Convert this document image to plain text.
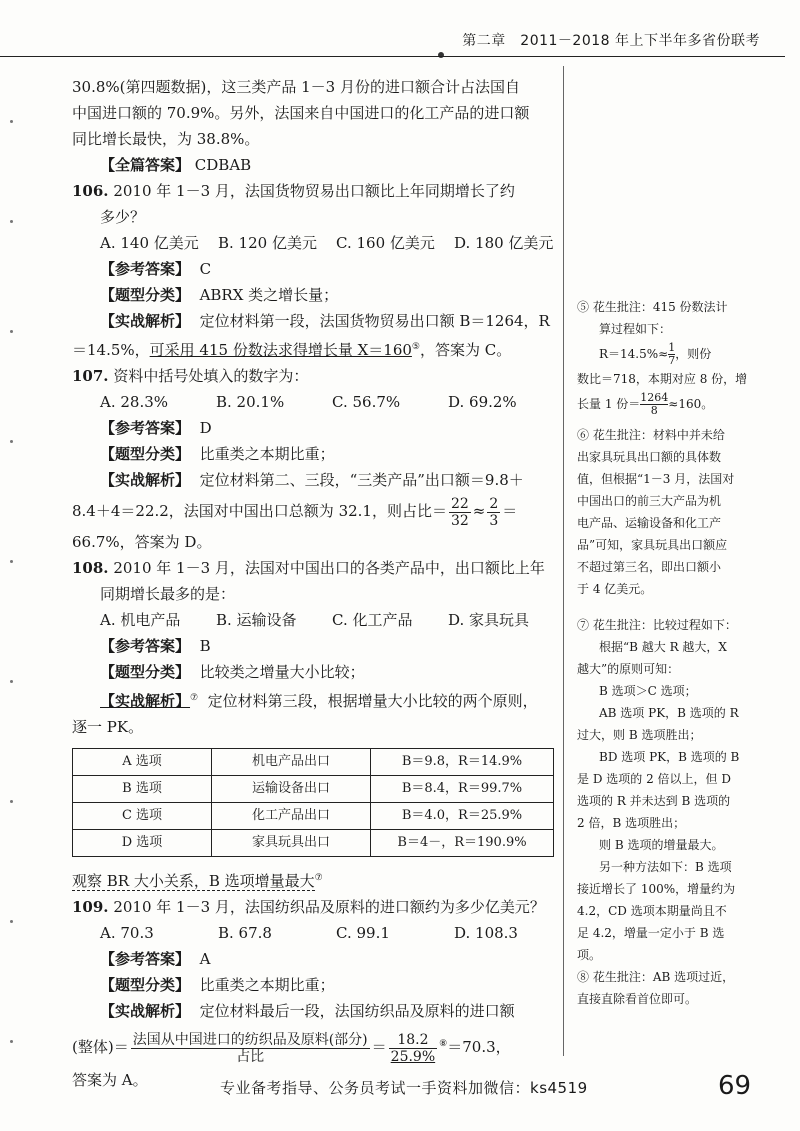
第二章　2011－2018 年上下半年多省份联考

30.8%(第四题数据)，这三类产品 1－3 月份的进口额合计占法国自

中国进口额的 70.9%。另外，法国来自中国进口的化工产品的进口额

同比增长最快，为 38.8%。

【全篇答案】 CDBAB

106. 2010 年 1－3 月，法国货物贸易出口额比上年同期增长了约

多少？

A. 140 亿美元	B. 120 亿美元	C. 160 亿美元	D. 180 亿美元

【参考答案】 C

【题型分类】 ABRX 类之增长量；

【实战解析】 定位材料第一段，法国货物贸易出口额 B＝1264，R

＝14.5%，可采用 415 份数法求得增长量 X＝160⑤，答案为 C。

107. 资料中括号处填入的数字为：

A. 28.3%	B. 20.1%	C. 56.7%	D. 69.2%

【参考答案】 D

【题型分类】 比重类之本期比重；

【实战解析】 定位材料第二、三段，“三类产品”出口额＝9.8＋

8.4＋4＝22.2，法国对中国出口总额为 32.1，则占比＝ $\frac{22}{32} \approx \frac{2}{3}$ ＝

66.7%，答案为 D。

108. 2010 年 1－3 月，法国对中国出口的各类产品中，出口额比上年

同期增长最多的是：

A. 机电产品	B. 运输设备	C. 化工产品	D. 家具玩具

【参考答案】 B

【题型分类】 比较类之增量大小比较；

【实战解析】⑦ 定位材料第三段，根据增量大小比较的两个原则，

逐一 PK。

A 选项	机电产品出口	B＝9.8，R＝14.9%
B 选项	运输设备出口	B＝8.4，R＝99.7%
C 选项	化工产品出口	B＝4.0，R＝25.9%
D 选项	家具玩具出口	B＝4－，R＝190.9%

观察 BR 大小关系，B 选项增量最大⑦

109. 2010 年 1－3 月，法国纺织品及原料的进口额约为多少亿美元？

A. 70.3	B. 67.8	C. 99.1	D. 108.3

【参考答案】 A

【题型分类】 比重类之本期比重；

【实战解析】 定位材料最后一段，法国纺织品及原料的进口额

(整体)＝ $\frac{\text{法国从中国进口的纺织品及原料(部分)}}{\text{占比}} = \frac{18.2}{25.9\%} ^⑧=70.3$，

答案为 A。

⑤ 花生批注：415 份数法计

算过程如下：

$R=14.5\%\approx \frac{1}{7}$，则份

数比＝718，本期对应 8 份，增

长量 1 份＝ $\frac{1264}{8}\approx 160$。

⑥ 花生批注：材料中并未给

出家具玩具出口额的具体数

值，但根据“1－3 月，法国对

中国出口的前三大产品为机

电产品、运输设备和化工产

品”可知，家具玩具出口额应

不超过第三名，即出口额小

于 4 亿美元。

⑦ 花生批注：比较过程如下：

根据“B 越大 R 越大，X

越大”的原则可知：

B 选项＞C 选项；

AB 选项 PK，B 选项的 R

过大，则 B 选项胜出；

BD 选项 PK，B 选项的 B

是 D 选项的 2 倍以上，但 D

选项的 R 并未达到 B 选项的

2 倍，B 选项胜出；

则 B 选项的增量最大。

另一种方法如下：B 选项

接近增长了 100%，增量约为

4.2，CD 选项本期量尚且不

足 4.2，增量一定小于 B 选

项。

⑧ 花生批注：AB 选项过近，

直接直除看首位即可。

专业备考指导、公务员考试一手资料加微信：ks4519	69
